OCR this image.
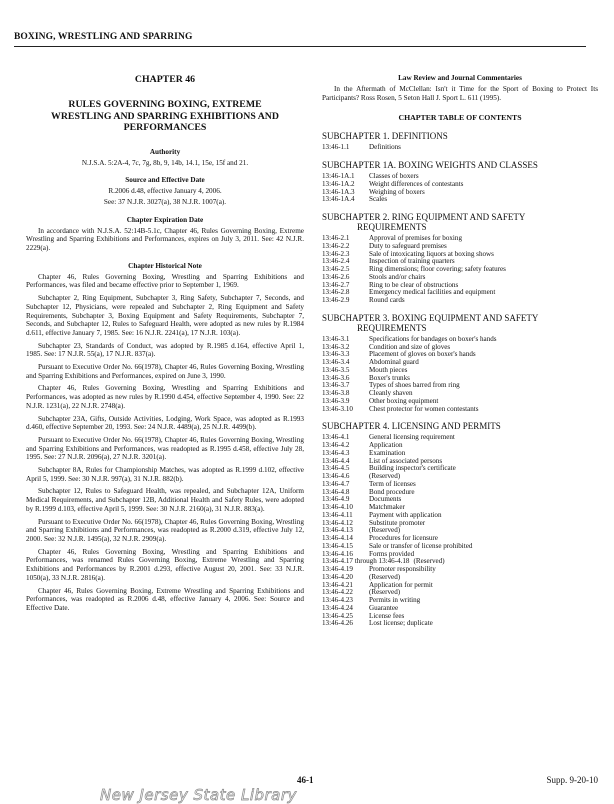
BOXING, WRESTLING AND SPARRING
CHAPTER 46
RULES GOVERNING BOXING, EXTREME WRESTLING AND SPARRING EXHIBITIONS AND PERFORMANCES
Authority
N.J.S.A. 5:2A-4, 7c, 7g, 8b, 9, 14b, 14.1, 15e, 15f and 21.
Source and Effective Date
R.2006 d.48, effective January 4, 2006.
See: 37 N.J.R. 3027(a), 38 N.J.R. 1007(a).
Chapter Expiration Date
In accordance with N.J.S.A. 52:14B-5.1c, Chapter 46, Rules Governing Boxing, Extreme Wrestling and Sparring Exhibitions and Performances, expires on July 3, 2011. See: 42 N.J.R. 2229(a).
Chapter Historical Note
Chapter 46, Rules Governing Boxing, Wrestling and Sparring Exhibitions and Performances, was filed and became effective prior to September 1, 1969.
Subchapter 2, Ring Equipment, Subchapter 3, Ring Safety, Subchapter 7, Seconds, and Subchapter 12, Physicians, were repealed and Subchapter 2, Ring Equipment and Safety Requirements, Subchapter 3, Boxing Equipment and Safety Requirements, Subchapter 7, Seconds, and Subchapter 12, Rules to Safeguard Health, were adopted as new rules by R.1984 d.611, effective January 7, 1985. See: 16 N.J.R. 2241(a), 17 N.J.R. 103(a).
Subchapter 23, Standards of Conduct, was adopted by R.1985 d.164, effective April 1, 1985. See: 17 N.J.R. 55(a), 17 N.J.R. 837(a).
Pursuant to Executive Order No. 66(1978), Chapter 46, Rules Governing Boxing, Wrestling and Sparring Exhibitions and Performances, expired on June 3, 1990.
Chapter 46, Rules Governing Boxing, Wrestling and Sparring Exhibitions and Performances, was adopted as new rules by R.1990 d.454, effective September 4, 1990. See: 22 N.J.R. 1231(a), 22 N.J.R. 2748(a).
Subchapter 23A, Gifts, Outside Activities, Lodging, Work Space, was adopted as R.1993 d.460, effective September 20, 1993. See: 24 N.J.R. 4489(a), 25 N.J.R. 4499(b).
Pursuant to Executive Order No. 66(1978), Chapter 46, Rules Governing Boxing, Wrestling and Sparring Exhibitions and Performances, was readopted as R.1995 d.458, effective July 28, 1995. See: 27 N.J.R. 2096(a), 27 N.J.R. 3201(a).
Subchapter 8A, Rules for Championship Matches, was adopted as R.1999 d.102, effective April 5, 1999. See: 30 N.J.R. 997(a), 31 N.J.R. 882(b).
Subchapter 12, Rules to Safeguard Health, was repealed, and Subchapter 12A, Uniform Medical Requirements, and Subchapter 12B, Additional Health and Safety Rules, were adopted by R.1999 d.103, effective April 5, 1999. See: 30 N.J.R. 2160(a), 31 N.J.R. 883(a).
Pursuant to Executive Order No. 66(1978), Chapter 46, Rules Governing Boxing, Wrestling and Sparring Exhibitions and Performances, was readopted as R.2000 d.319, effective July 12, 2000. See: 32 N.J.R. 1495(a), 32 N.J.R. 2909(a).
Chapter 46, Rules Governing Boxing, Wrestling and Sparring Exhibitions and Performances, was renamed Rules Governing Boxing, Extreme Wrestling and Sparring Exhibitions and Performances by R.2001 d.293, effective August 20, 2001. See: 33 N.J.R. 1050(a), 33 N.J.R. 2816(a).
Chapter 46, Rules Governing Boxing, Extreme Wrestling and Sparring Exhibitions and Performances, was readopted as R.2006 d.48, effective January 4, 2006. See: Source and Effective Date.
Law Review and Journal Commentaries
In the Aftermath of McClellan: Isn't it Time for the Sport of Boxing to Protect Its Participants? Ross Rosen, 5 Seton Hall J. Sport L. 611 (1995).
CHAPTER TABLE OF CONTENTS
SUBCHAPTER 1. DEFINITIONS
13:46-1.1	Definitions
SUBCHAPTER 1A. BOXING WEIGHTS AND CLASSES
13:46-1A.1	Classes of boxers
13:46-1A.2	Weight differences of contestants
13:46-1A.3	Weighing of boxers
13:46-1A.4	Scales
SUBCHAPTER 2. RING EQUIPMENT AND SAFETY
REQUIREMENTS
13:46-2.1	Approval of premises for boxing
13:46-2.2	Duty to safeguard premises
13:46-2.3	Sale of intoxicating liquors at boxing shows
13:46-2.4	Inspection of training quarters
13:46-2.5	Ring dimensions; floor covering; safety features
13:46-2.6	Stools and/or chairs
13:46-2.7	Ring to be clear of obstructions
13:46-2.8	Emergency medical facilities and equipment
13:46-2.9	Round cards
SUBCHAPTER 3. BOXING EQUIPMENT AND SAFETY
REQUIREMENTS
13:46-3.1	Specifications for bandages on boxer's hands
13:46-3.2	Condition and size of gloves
13:46-3.3	Placement of gloves on boxer's hands
13:46-3.4	Abdominal guard
13:46-3.5	Mouth pieces
13:46-3.6	Boxer's trunks
13:46-3.7	Types of shoes barred from ring
13:46-3.8	Cleanly shaven
13:46-3.9	Other boxing equipment
13:46-3.10	Chest protector for women contestants
SUBCHAPTER 4. LICENSING AND PERMITS
13:46-4.1	General licensing requirement
13:46-4.2	Application
13:46-4.3	Examination
13:46-4.4	List of associated persons
13:46-4.5	Building inspector's certificate
13:46-4.6	(Reserved)
13:46-4.7	Term of licenses
13:46-4.8	Bond procedure
13:46-4.9	Documents
13:46-4.10	Matchmaker
13:46-4.11	Payment with application
13:46-4.12	Substitute promoter
13:46-4.13	(Reserved)
13:46-4.14	Procedures for licensure
13:46-4.15	Sale or transfer of license prohibited
13:46-4.16	Forms provided
13:46-4.17 through 13:46-4.18 (Reserved)
13:46-4.19	Promoter responsibility
13:46-4.20	(Reserved)
13:46-4.21	Application for permit
13:46-4.22	(Reserved)
13:46-4.23	Permits in writing
13:46-4.24	Guarantee
13:46-4.25	License fees
13:46-4.26	Lost license; duplicate
46-1	Supp. 9-20-10
New Jersey State Library
